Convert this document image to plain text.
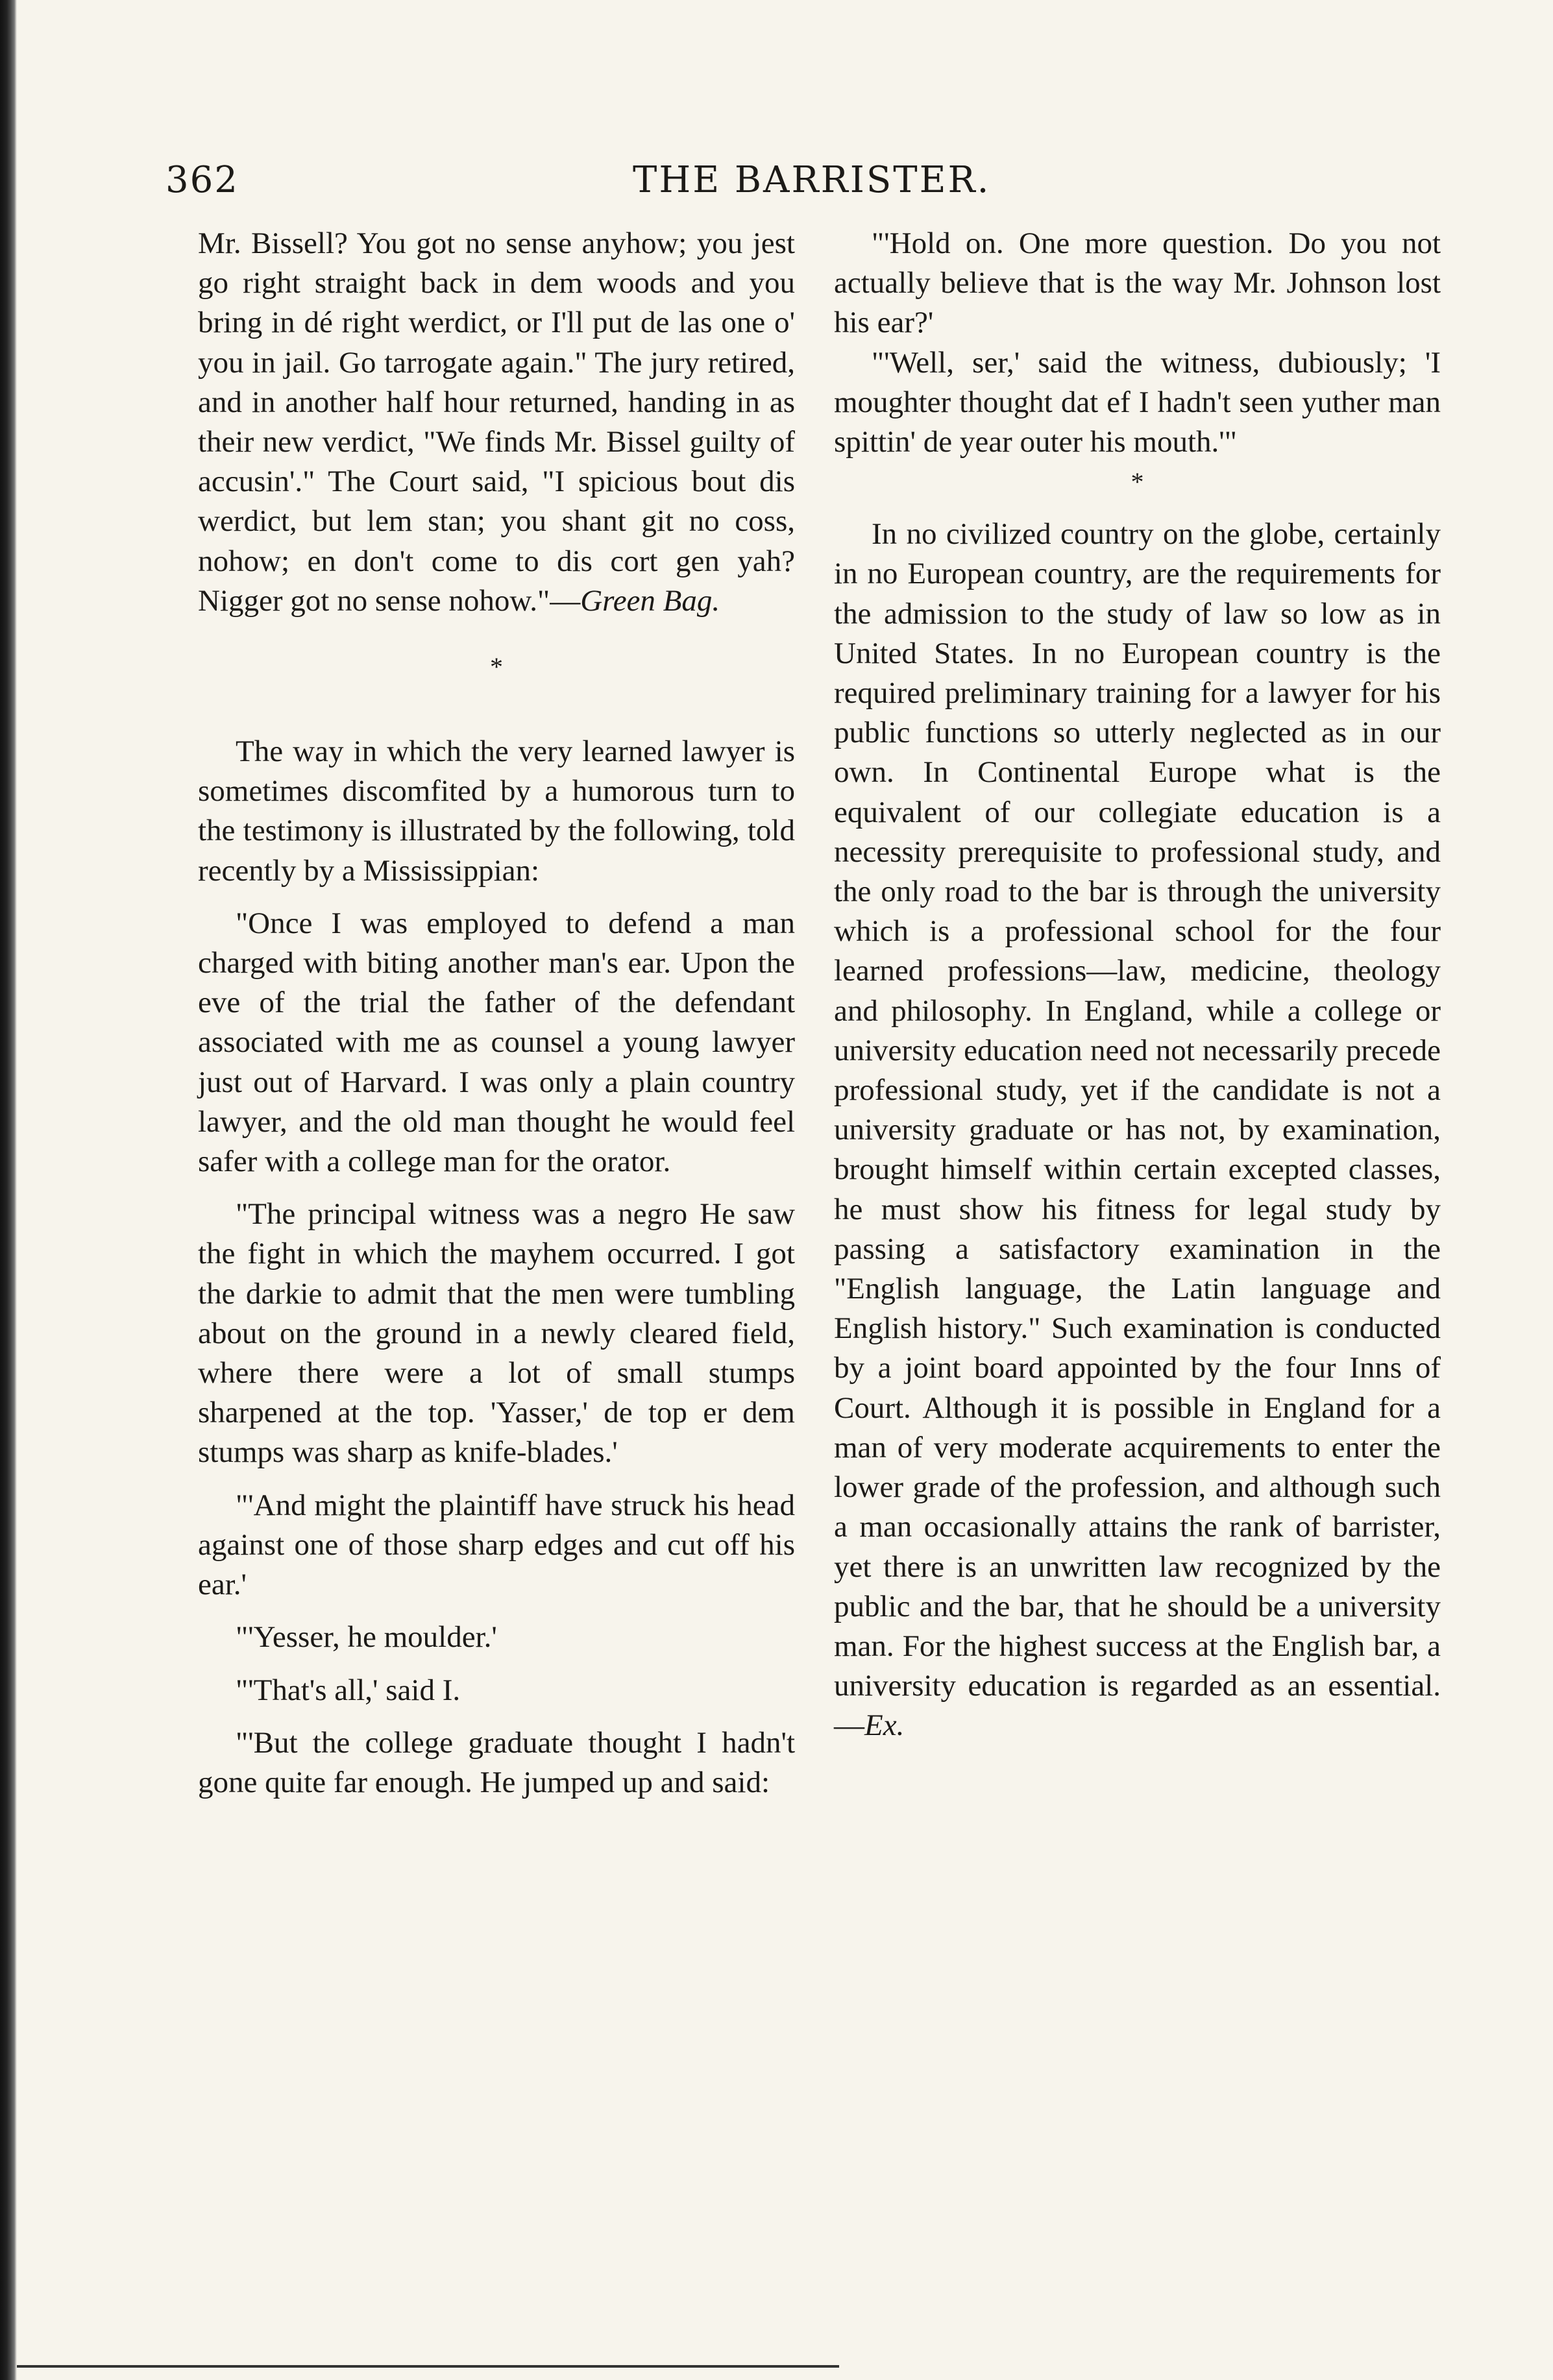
362	THE BARRISTER.

Mr. Bissell? You got no sense anyhow; you jest go right straight back in dem woods and you bring in dé right werdict, or I'll put de las one o' you in jail. Go tarrogate again." The jury retired, and in another half hour returned, handing in as their new verdict, "We finds Mr. Bissel guilty of accusin'." The Court said, "I spicious bout dis werdict, but lem stan; you shant git no coss, nohow; en don't come to dis cort gen yah? Nigger got no sense nohow."—Green Bag.

*

The way in which the very learned lawyer is sometimes discomfited by a humorous turn to the testimony is illustrated by the following, told recently by a Mississippian:

"Once I was employed to defend a man charged with biting another man's ear. Upon the eve of the trial the father of the defendant associated with me as counsel a young lawyer just out of Harvard. I was only a plain country lawyer, and the old man thought he would feel safer with a college man for the orator.

"The principal witness was a negro He saw the fight in which the mayhem occurred. I got the darkie to admit that the men were tumbling about on the ground in a newly cleared field, where there were a lot of small stumps sharpened at the top. 'Yasser,' de top er dem stumps was sharp as knife-blades.'

"'And might the plaintiff have struck his head against one of those sharp edges and cut off his ear.'

"'Yesser, he moulder.'

"'That's all,' said I.

"'But the college graduate thought I hadn't gone quite far enough. He jumped up and said:

"'Hold on. One more question. Do you not actually believe that is the way Mr. Johnson lost his ear?'

"'Well, ser,' said the witness, dubiously; 'I moughter thought dat ef I hadn't seen yuther man spittin' de year outer his mouth.'"

*

In no civilized country on the globe, certainly in no European country, are the requirements for the admission to the study of law so low as in United States. In no European country is the required preliminary training for a lawyer for his public functions so utterly neglected as in our own. In Continental Europe what is the equivalent of our collegiate education is a necessity prerequisite to professional study, and the only road to the bar is through the university which is a professional school for the four learned professions—law, medicine, theology and philosophy. In England, while a college or university education need not necessarily precede professional study, yet if the candidate is not a university graduate or has not, by examination, brought himself within certain excepted classes, he must show his fitness for legal study by passing a satisfactory examination in the "English language, the Latin language and English history." Such examination is conducted by a joint board appointed by the four Inns of Court. Although it is possible in England for a man of very moderate acquirements to enter the lower grade of the profession, and although such a man occasionally attains the rank of barrister, yet there is an unwritten law recognized by the public and the bar, that he should be a university man. For the highest success at the English bar, a university education is regarded as an essential.—Ex.
